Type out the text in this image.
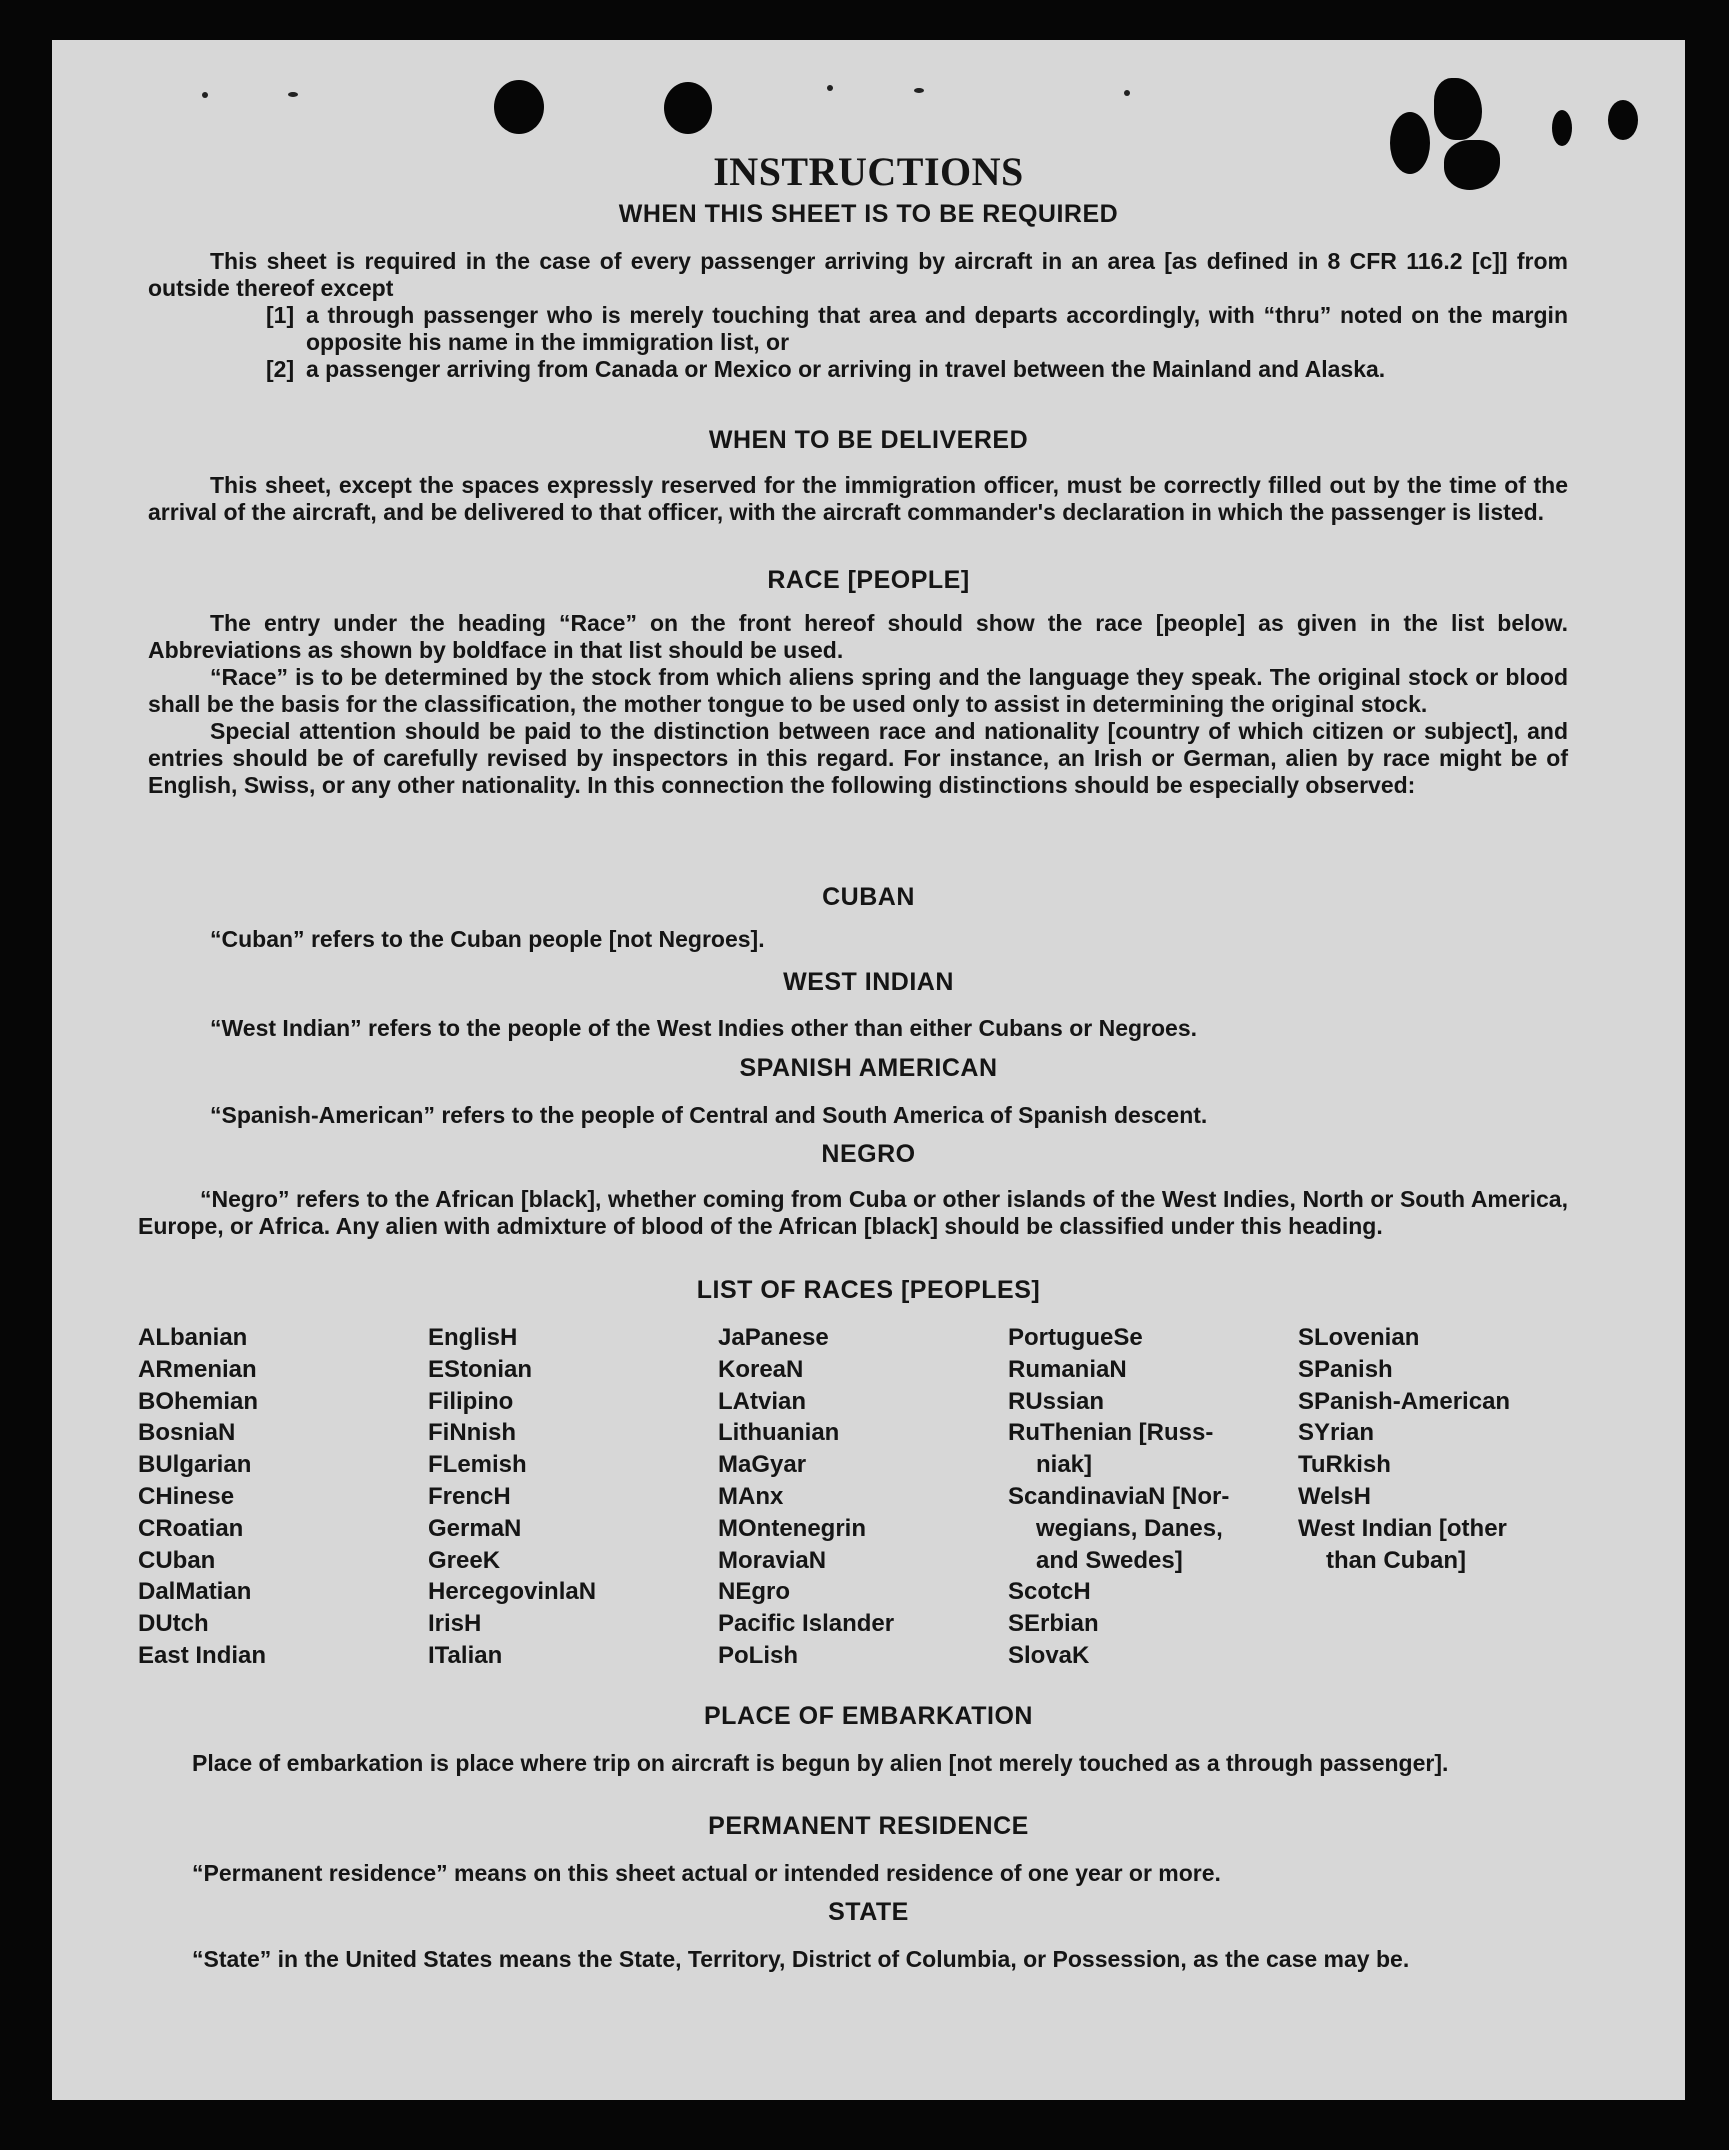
INSTRUCTIONS
WHEN THIS SHEET IS TO BE REQUIRED

This sheet is required in the case of every passenger arriving by aircraft in an area [as defined in 8 CFR 116.2 [c]] from outside thereof except

[1] a through passenger who is merely touching that area and departs accordingly, with “thru” noted on the margin opposite his name in the immigration list, or
[2] a passenger arriving from Canada or Mexico or arriving in travel between the Mainland and Alaska.
WHEN TO BE DELIVERED

This sheet, except the spaces expressly reserved for the immigration officer, must be correctly filled out by the time of the arrival of the aircraft, and be delivered to that officer, with the aircraft commander's declaration in which the passenger is listed.

RACE [PEOPLE]

The entry under the heading “Race” on the front hereof should show the race [people] as given in the list below. Abbreviations as shown by boldface in that list should be used.

“Race” is to be determined by the stock from which aliens spring and the language they speak. The original stock or blood shall be the basis for the classification, the mother tongue to be used only to assist in determining the original stock.

Special attention should be paid to the distinction between race and nationality [country of which citizen or subject], and entries should be of carefully revised by inspectors in this regard. For instance, an Irish or German, alien by race might be of English, Swiss, or any other nationality. In this connection the following distinctions should be especially observed:

CUBAN

“Cuban” refers to the Cuban people [not Negroes].

WEST INDIAN

“West Indian” refers to the people of the West Indies other than either Cubans or Negroes.

SPANISH AMERICAN

“Spanish-American” refers to the people of Central and South America of Spanish descent.

NEGRO

“Negro” refers to the African [black], whether coming from Cuba or other islands of the West Indies, North or South America, Europe, or Africa. Any alien with admixture of blood of the African [black] should be classified under this heading.

LIST OF RACES [PEOPLES]
ALbanian
ARmenian
BOhemian
BosniaN
BUlgarian
CHinese
CRoatian
CUban
DalMatian
DUtch
East Indian
EnglisH
EStonian
Filipino
FiNnish
FLemish
FrencH
GermaN
GreeK
HercegovinlaN
IrisH
ITalian
JaPanese
KoreaN
LAtvian
Lithuanian
MaGyar
MAnx
MOntenegrin
MoraviaN
NEgro
Pacific Islander
PoLish
PortugueSe
RumaniaN
RUssian
RuThenian [Russ-
niak]
ScandinaviaN [Nor-
wegians, Danes,
and Swedes]
ScotcH
SErbian
SlovaK
SLovenian
SPanish
SPanish-American
SYrian
TuRkish
WelsH
West Indian [other
than Cuban]
PLACE OF EMBARKATION

Place of embarkation is place where trip on aircraft is begun by alien [not merely touched as a through passenger].

PERMANENT RESIDENCE

“Permanent residence” means on this sheet actual or intended residence of one year or more.

STATE

“State” in the United States means the State, Territory, District of Columbia, or Possession, as the case may be.
